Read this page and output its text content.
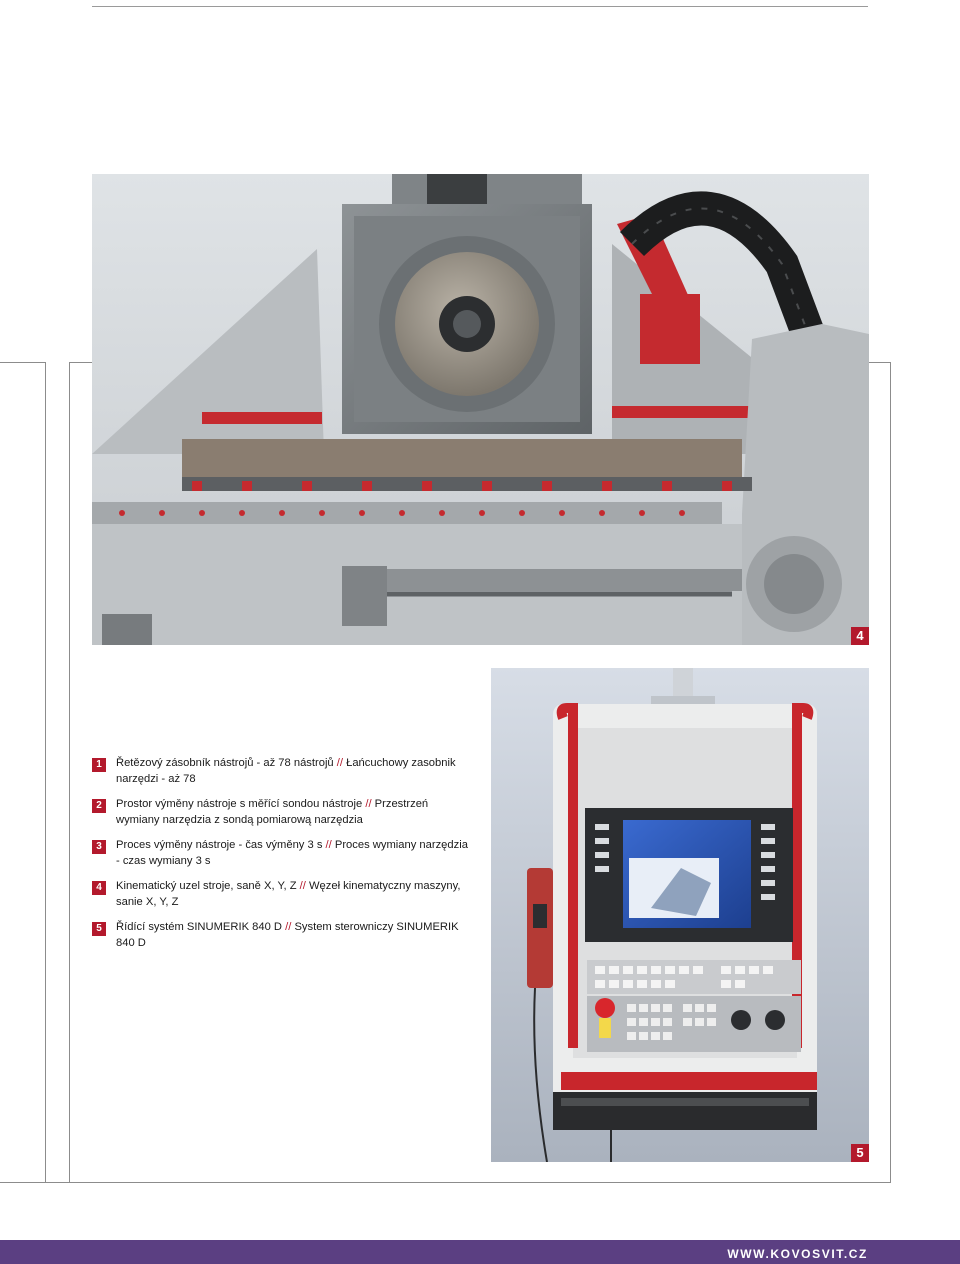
4
5
1	Řetězový zásobník nástrojů - až 78 nástrojů // Łańcuchowy zasobnik narzędzi - aż 78
2	Prostor výměny nástroje s měřící sondou nástroje // Przestrzeń wymiany narzędzia z sondą pomiarową narzędzia
3	Proces výměny nástroje - čas výměny 3 s // Proces wymiany narzędzia - czas wymiany 3 s
4	Kinematický uzel stroje, saně X, Y, Z // Węzeł kinematyczny maszyny, sanie X, Y, Z
5	Řídící systém SINUMERIK 840 D // System sterowniczy SINUMERIK 840 D
WWW.KOVOSVIT.CZ
